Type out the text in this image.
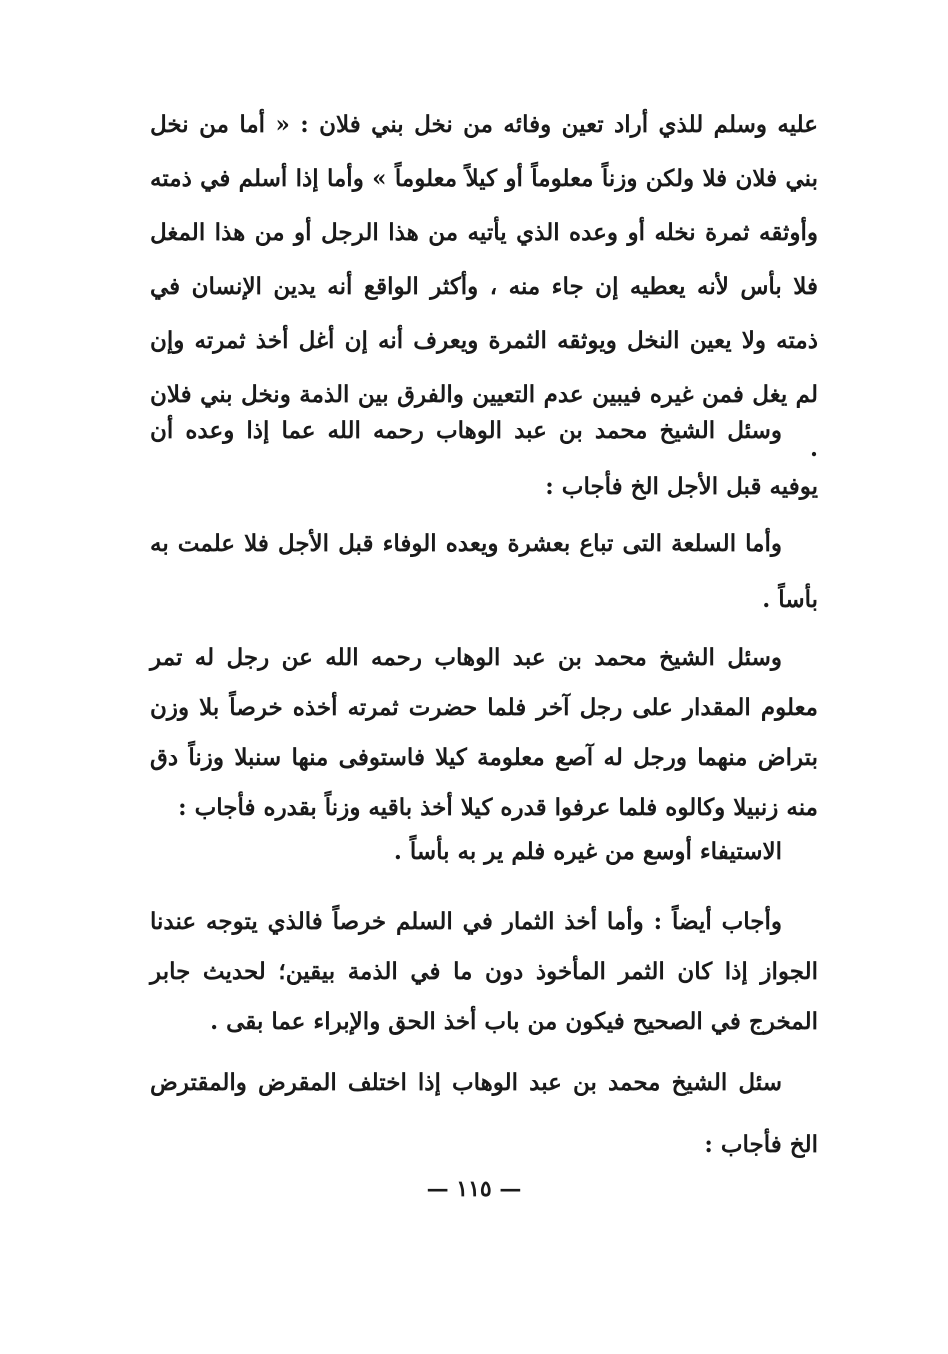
عليه وسلم للذي أراد تعين وفائه من نخل بني فلان : « أما من نخل بني فلان فلا ولكن وزناً معلوماً أو كيلاً معلوماً » وأما إذا أسلم في ذمته وأوثقه ثمرة نخله أو وعده الذي يأتيه من هذا الرجل أو من هذا المغل فلا بأس لأنه يعطيه إن جاء منه ، وأكثر الواقع أنه يدين الإنسان في ذمته ولا يعين النخل ويوثقه الثمرة ويعرف أنه إن أغل أخذ ثمرته وإن لم يغل فمن غيره فيبين عدم التعيين والفرق بين الذمة ونخل بني فلان .

وسئل الشيخ محمد بن عبد الوهاب رحمه الله عما إذا وعده أن يوفيه قبل الأجل الخ فأجاب :

وأما السلعة التى تباع بعشرة ويعده الوفاء قبل الأجل فلا علمت به بأساً .

وسئل الشيخ محمد بن عبد الوهاب رحمه الله عن رجل له تمر معلوم المقدار على رجل آخر فلما حضرت ثمرته أخذه خرصاً بلا وزن بتراض منهما ورجل له آصع معلومة كيلا فاستوفى منها سنبلا وزناً دق منه زنبيلا وكالوه فلما عرفوا قدره كيلا أخذ باقيه وزناً بقدره فأجاب :

الاستيفاء أوسع من غيره فلم ير به بأساً .

وأجاب أيضاً : وأما أخذ الثمار في السلم خرصاً فالذي يتوجه عندنا الجواز إذا كان الثمر المأخوذ دون ما في الذمة بيقين؛ لحديث جابر المخرج في الصحيح فيكون من باب أخذ الحق والإبراء عما بقى .

سئل الشيخ محمد بن عبد الوهاب إذا اختلف المقرض والمقترض الخ فأجاب :

— ١١٥ —
